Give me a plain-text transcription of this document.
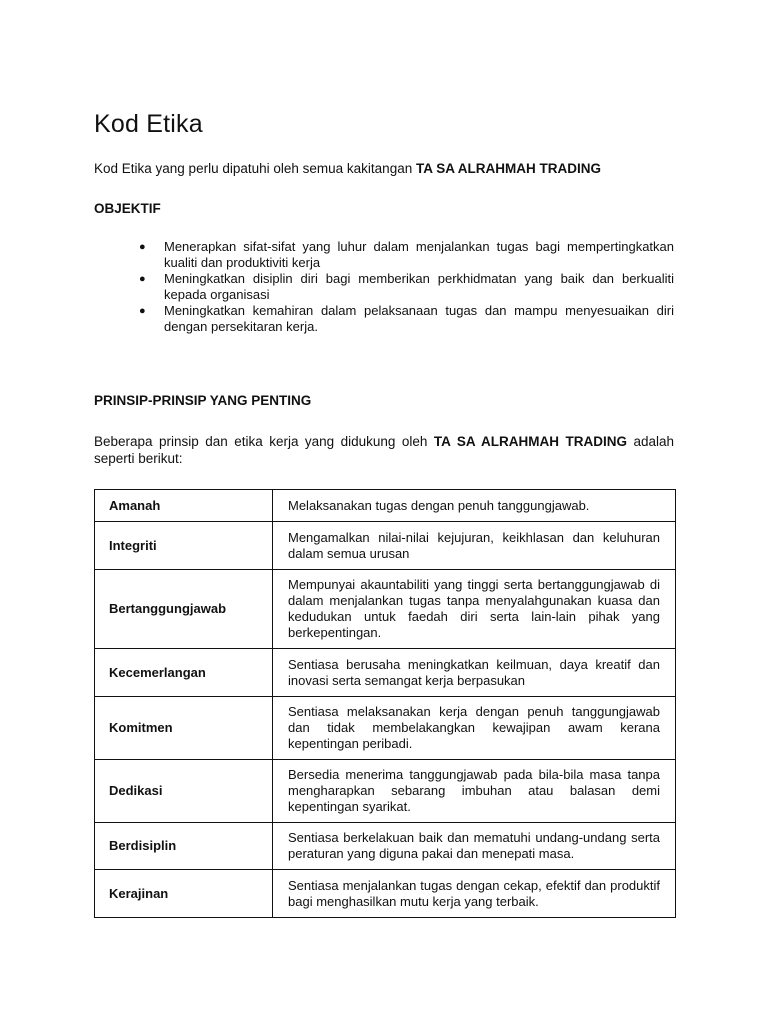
Kod Etika

Kod Etika yang perlu dipatuhi oleh semua kakitangan TA SA ALRAHMAH TRADING

OBJEKTIF

● Menerapkan sifat-sifat yang luhur dalam menjalankan tugas bagi mempertingkatkan kualiti dan produktiviti kerja
● Meningkatkan disiplin diri bagi memberikan perkhidmatan yang baik dan berkualiti kepada organisasi
● Meningkatkan kemahiran dalam pelaksanaan tugas dan mampu menyesuaikan diri dengan persekitaran kerja.

PRINSIP-PRINSIP YANG PENTING

Beberapa prinsip dan etika kerja yang didukung oleh TA SA ALRAHMAH TRADING adalah seperti berikut:

Amanah	Melaksanakan tugas dengan penuh tanggungjawab.
Integriti	Mengamalkan nilai-nilai kejujuran, keikhlasan dan keluhuran dalam semua urusan
Bertanggungjawab	Mempunyai akauntabiliti yang tinggi serta bertanggungjawab di dalam menjalankan tugas tanpa menyalahgunakan kuasa dan kedudukan untuk faedah diri serta lain-lain pihak yang berkepentingan.
Kecemerlangan	Sentiasa berusaha meningkatkan keilmuan, daya kreatif dan inovasi serta semangat kerja berpasukan
Komitmen	Sentiasa melaksanakan kerja dengan penuh tanggungjawab dan tidak membelakangkan kewajipan awam kerana kepentingan peribadi.
Dedikasi	Bersedia menerima tanggungjawab pada bila-bila masa tanpa mengharapkan sebarang imbuhan atau balasan demi kepentingan syarikat.
Berdisiplin	Sentiasa berkelakuan baik dan mematuhi undang-undang serta peraturan yang diguna pakai dan menepati masa.
Kerajinan	Sentiasa menjalankan tugas dengan cekap, efektif dan produktif bagi menghasilkan mutu kerja yang terbaik.
